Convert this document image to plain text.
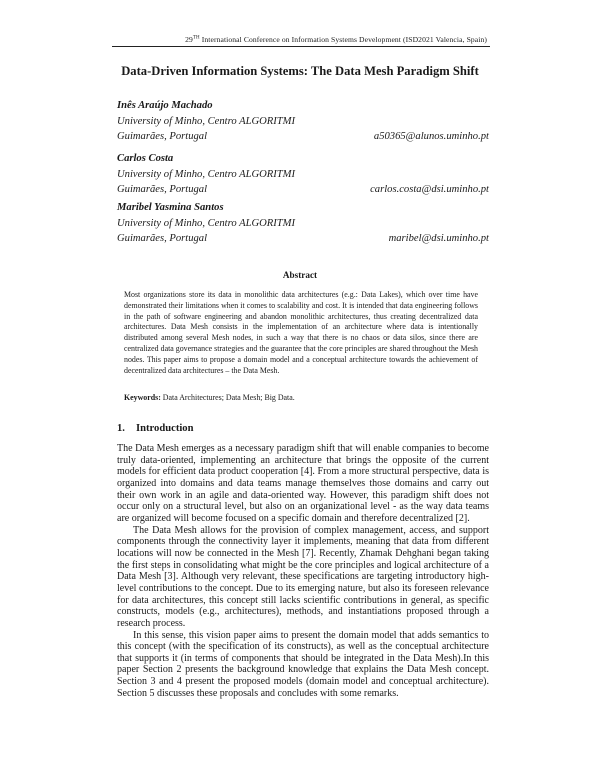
29TH International Conference on Information Systems Development (ISD2021 Valencia, Spain)
Data-Driven Information Systems: The Data Mesh Paradigm Shift
Inês Araújo Machado
University of Minho, Centro ALGORITMI
Guimarães, Portugal	a50365@alunos.uminho.pt
Carlos Costa
University of Minho, Centro ALGORITMI
Guimarães, Portugal	carlos.costa@dsi.uminho.pt
Maribel Yasmina Santos
University of Minho, Centro ALGORITMI
Guimarães, Portugal	maribel@dsi.uminho.pt
Abstract
Most organizations store its data in monolithic data architectures (e.g.: Data Lakes), which over time have demonstrated their limitations when it comes to scalability and cost. It is intended that data engineering follows in the path of software engineering and abandon monolithic architectures, thus creating decentralized data architectures. Data Mesh consists in the implementation of an architecture where data is intentionally distributed among several Mesh nodes, in such a way that there is no chaos or data silos, since there are centralized data governance strategies and the guarantee that the core principles are shared throughout the Mesh nodes. This paper aims to propose a domain model and a conceptual architecture towards the achievement of decentralized data architectures – the Data Mesh.
Keywords: Data Architectures; Data Mesh; Big Data.
1. Introduction

The Data Mesh emerges as a necessary paradigm shift that will enable companies to become truly data-oriented, implementing an architecture that brings the opposite of the current models for efficient data product cooperation [4]. From a more structural perspective, data is organized into domains and data teams manage themselves those domains and carry out their own work in an agile and data-oriented way. However, this paradigm shift does not occur only on a structural level, but also on an organizational level - as the way data teams are organized will become focused on a specific domain and therefore decentralized [2].

The Data Mesh allows for the provision of complex management, access, and support components through the connectivity layer it implements, meaning that data from different locations will now be connected in the Mesh [7]. Recently, Zhamak Dehghani began taking the first steps in consolidating what might be the core principles and logical architecture of a Data Mesh [3]. Although very relevant, these specifications are targeting introductory high-level contributions to the concept. Due to its emerging nature, but also its foreseen relevance for data architectures, this concept still lacks scientific contributions in general, as specific constructs, models (e.g., architectures), methods, and instantiations proposed through a research process.

In this sense, this vision paper aims to present the domain model that adds semantics to this concept (with the specification of its constructs), as well as the conceptual architecture that supports it (in terms of components that should be integrated in the Data Mesh).In this paper Section 2 presents the background knowledge that explains the Data Mesh concept. Section 3 and 4 present the proposed models (domain model and conceptual architecture). Section 5 discusses these proposals and concludes with some remarks.
